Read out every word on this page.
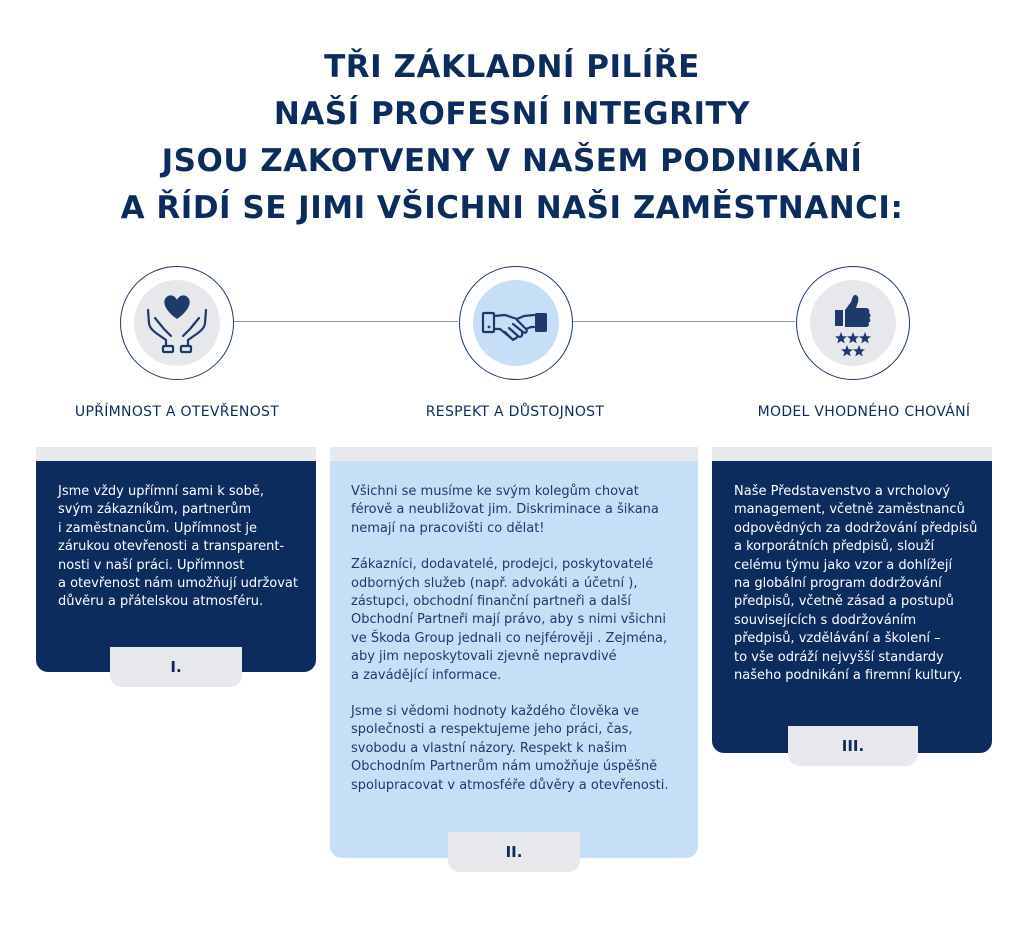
TŘI ZÁKLADNÍ PILÍŘE
NAŠÍ PROFESNÍ INTEGRITY
JSOU ZAKOTVENY V NAŠEM PODNIKÁNÍ
A ŘÍDÍ SE JIMI VŠICHNI NAŠI ZAMĚSTNANCI:
UPŘÍMNOST A OTEVŘENOST	RESPEKT A DŮSTOJNOST	MODEL VHODNÉHO CHOVÁNÍ

Jsme vždy upřímní sami k sobě,

svým zákazníkům, partnerům

i zaměstnancům. Upřímnost je

zárukou otevřenosti a transparent-

nosti v naší práci. Upřímnost

a otevřenost nám umožňují udržovat

důvěru a přátelskou atmosféru.

I.

Všichni se musíme ke svým kolegům chovat

férově a neubližovat jim. Diskriminace a šikana

nemají na pracovišti co dělat!

Zákazníci, dodavatelé, prodejci, poskytovatelé

odborných služeb (např. advokáti a účetní ),

zástupci, obchodní finanční partneři a další

Obchodní Partneři mají právo, aby s nimi všichni

ve Škoda Group jednali co nejférověji . Zejména,

aby jim neposkytovali zjevně nepravdivé

a zavádějící informace.

Jsme si vědomi hodnoty každého člověka ve

společnosti a respektujeme jeho práci, čas,

svobodu a vlastní názory. Respekt k našim

Obchodním Partnerům nám umožňuje úspěšně

spolupracovat v atmosféře důvěry a otevřenosti.

II.

Naše Představenstvo a vrcholový

management, včetně zaměstnanců

odpovědných za dodržování předpisů

a korporátních předpisů, slouží

celému týmu jako vzor a dohlížejí

na globální program dodržování

předpisů, včetně zásad a postupů

souvisejících s dodržováním

předpisů, vzdělávání a školení –

to vše odráží nejvyšší standardy

našeho podnikání a firemní kultury.

III.
